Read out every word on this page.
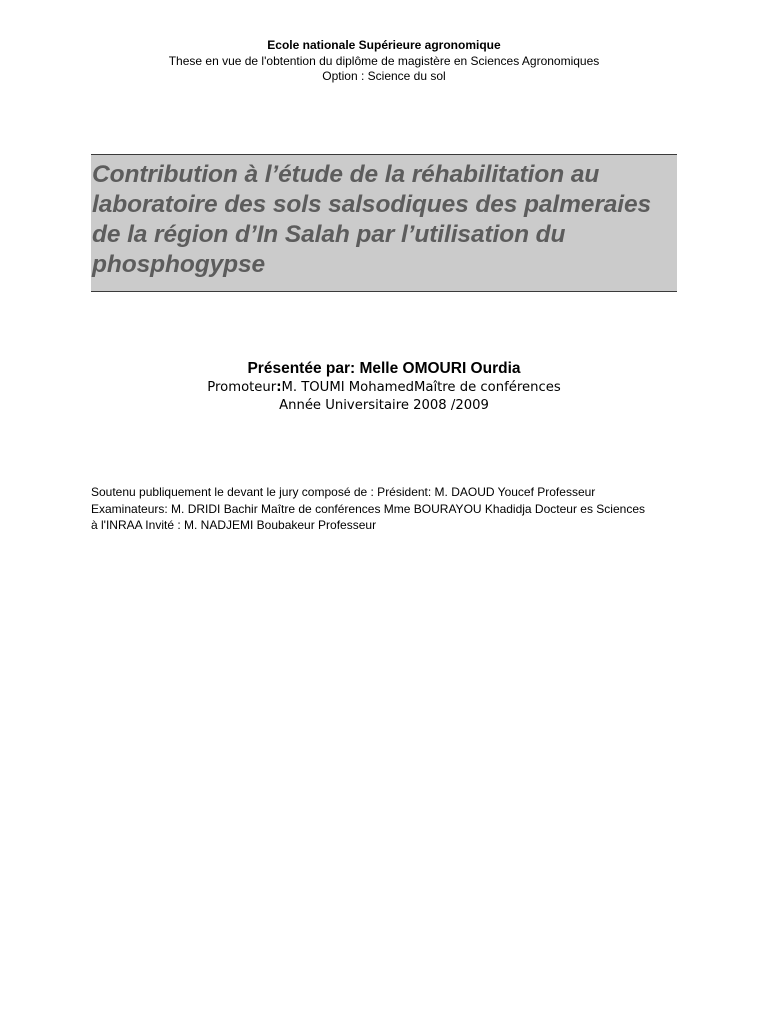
Ecole nationale Supérieure agronomique
These en vue de l'obtention du diplôme de magistère en Sciences Agronomiques
Option : Science du sol

Contribution à l’étude de la réhabilitation au laboratoire des sols salsodiques des palmeraies de la région d’In Salah par l’utilisation du phosphogypse

Présentée par: Melle OMOURI Ourdia
Promoteur:M. TOUMI MohamedMaître de conférences
Année Universitaire 2008 /2009

Soutenu publiquement le devant le jury composé de : Président: M. DAOUD Youcef Professeur Examinateurs: M. DRIDI Bachir Maître de conférences Mme BOURAYOU Khadidja Docteur es Sciences à l'INRAA Invité : M. NADJEMI Boubakeur Professeur
